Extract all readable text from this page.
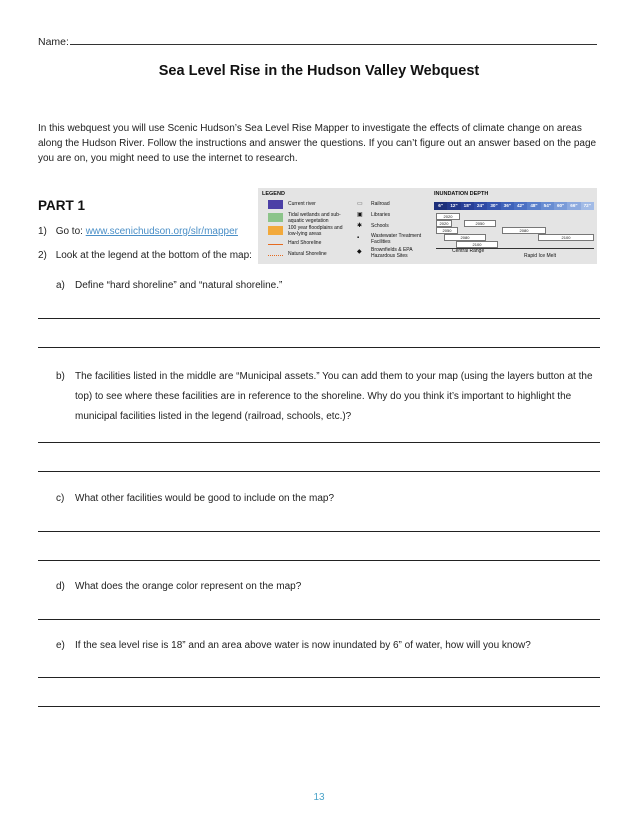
Name:
Sea Level Rise in the Hudson Valley Webquest
In this webquest you will use Scenic Hudson’s Sea Level Rise Mapper to investigate the effects of climate change on areas along the Hudson River. Follow the instructions and answer the questions. If you can’t figure out an answer based on the page you are on, you might need to use the internet to research.
PART 1
1) Go to: www.scenichudson.org/slr/mapper
2) Look at the legend at the bottom of the map:
LEGEND
Current river
Tidal wetlands and sub-aquatic vegetation
100 year floodplains and low-lying areas
Hard Shoreline
Natural Shoreline
▭ Railroad
▣ Libraries
✱ Schools
▪ Wastewater Treatment Facilities
◆ Brownfields & EPA Hazardous Sites
INUNDATION DEPTH
6"	12"	18"	24"	30"	36"	42"	48"	54"	60"	66"	72"
2020
2020	2050
2050	2080
2080	2100
2100
Central Range
Rapid Ice Melt
a) Define “hard shoreline” and “natural shoreline.”
b) The facilities listed in the middle are “Municipal assets.” You can add them to your map (using the layers button at the top) to see where these facilities are in reference to the shoreline. Why do you think it’s important to highlight the municipal facilities listed in the legend (railroad, schools, etc.)?
c) What other facilities would be good to include on the map?
d) What does the orange color represent on the map?
e) If the sea level rise is 18” and an area above water is now inundated by 6” of water, how will you know?
13
